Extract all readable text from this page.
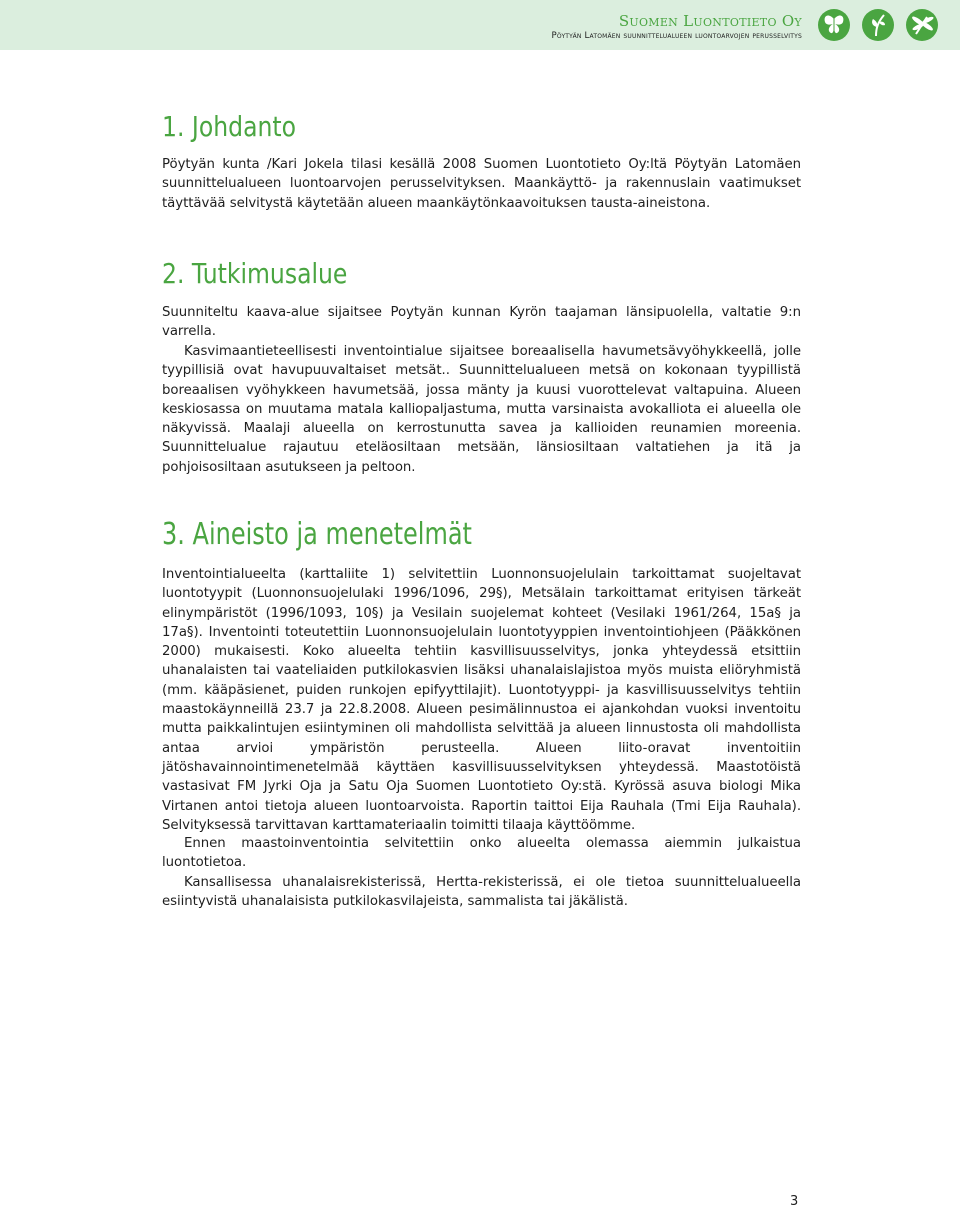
Suomen Luontotieto Oy
Pöytyän Latomäen suunnittelualueen luontoarvojen perusselvitys
1. Johdanto

Pöytyän kunta /Kari Jokela tilasi kesällä 2008 Suomen Luontotieto Oy:ltä Pöytyän Latomäen suunnittelualueen luontoarvojen perusselvityksen. Maankäyttö- ja rakennuslain vaatimukset täyttävää selvitystä käytetään alueen maankäytönkaavoituksen tausta-aineistona.

2. Tutkimusalue

Suunniteltu kaava-alue sijaitsee Poytyän kunnan Kyrön taajaman länsipuolella, valtatie 9:n varrella.

Kasvimaantieteellisesti inventointialue sijaitsee boreaalisella havumetsävyöhykkeellä, jolle tyypillisiä ovat havupuuvaltaiset metsät.. Suunnittelualueen metsä on kokonaan tyypillistä boreaalisen vyöhykkeen havumetsää, jossa mänty ja kuusi vuorottelevat valtapuina. Alueen keskiosassa on muutama matala kalliopaljastuma, mutta varsinaista avokalliota ei alueella ole näkyvissä. Maalaji alueella on kerrostunutta savea ja kallioiden reunamien moreenia. Suunnittelualue rajautuu eteläosiltaan metsään, länsiosiltaan valtatiehen ja itä ja pohjoisosiltaan asutukseen ja peltoon.

3. Aineisto ja menetelmät

Inventointialueelta (karttaliite 1) selvitettiin Luonnonsuojelulain tarkoittamat suojeltavat luontotyypit (Luonnonsuojelulaki 1996/1096, 29§), Metsälain tarkoittamat erityisen tärkeät elinympäristöt (1996/1093, 10§) ja Vesilain suojelemat kohteet (Vesilaki 1961/264, 15a§ ja 17a§). Inventointi toteutettiin Luonnonsuojelulain luontotyyppien inventointiohjeen (Pääkkönen 2000) mukaisesti. Koko alueelta tehtiin kasvillisuusselvitys, jonka yhteydessä etsittiin uhanalaisten tai vaateliaiden putkilokasvien lisäksi uhanalaislajistoa myös muista eliöryhmistä (mm. kääpäsienet, puiden runkojen epifyyttilajit). Luontotyyppi- ja kasvillisuusselvitys tehtiin maastokäynneillä 23.7 ja 22.8.2008. Alueen pesimälinnustoa ei ajankohdan vuoksi inventoitu mutta paikkalintujen esiintyminen oli mahdollista selvittää ja alueen linnustosta oli mahdollista antaa arvioi ympäristön perusteella. Alueen liito-oravat inventoitiin jätöshavainnointimenetelmää käyttäen kasvillisuusselvityksen yhteydessä. Maastotöistä vastasivat FM Jyrki Oja ja Satu Oja Suomen Luontotieto Oy:stä. Kyrössä asuva biologi Mika Virtanen antoi tietoja alueen luontoarvoista. Raportin taittoi Eija Rauhala (Tmi Eija Rauhala). Selvityksessä tarvittavan karttamateriaalin toimitti tilaaja käyttöömme.

Ennen maastoinventointia selvitettiin onko alueelta olemassa aiemmin julkaistua luontotietoa.

Kansallisessa uhanalaisrekisterissä, Hertta-rekisterissä, ei ole tietoa suunnittelualueella esiintyvistä uhanalaisista putkilokasvilajeista, sammalista tai jäkälistä.

3
